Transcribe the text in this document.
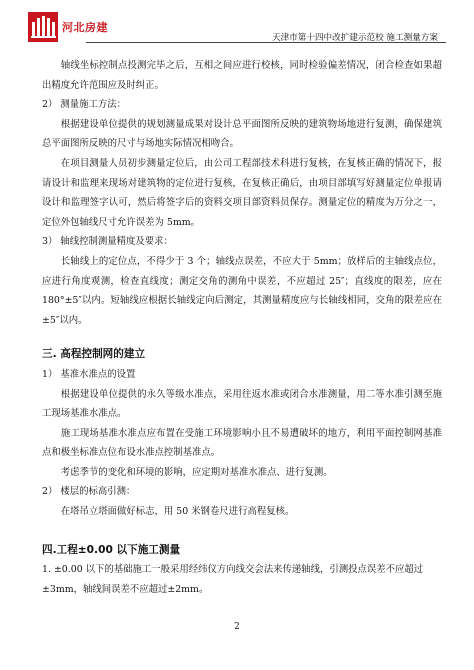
河北房建
天津市第十四中改扩建示范校 施工测量方案

轴线坐标控制点投测完毕之后，互相之间应进行校核，同时检验偏差情况，闭合检查如果超出精度允许范围应及时纠正。

2） 测量施工方法：

根据建设单位提供的规划测量成果对设计总平面图所反映的建筑物场地进行复测，确保建筑总平面图所反映的尺寸与场地实际情况相吻合。

在项目测量人员初步测量定位后，由公司工程部技术科进行复核，在复核正确的情况下，报请设计和监理来现场对建筑物的定位进行复核，在复核正确后，由项目部填写好测量定位单报请设计和监理签字认可，然后将签字后的资料交项目部资料员保存。测量定位的精度为万分之一，定位外包轴线尺寸允许误差为 5mm。

3） 轴线控制测量精度及要求：

长轴线上的定位点，不得少于 3 个；轴线点误差，不应大于 5mm；放样后的主轴线点位，应进行角度观测，检查直线度；测定交角的测角中误差，不应超过 25″；直线度的限差，应在 180°±5″以内。短轴线应根据长轴线定向后测定，其测量精度应与长轴线相同，交角的限差应在 ±5″以内。

三. 高程控制网的建立

1） 基准水准点的设置

根据建设单位提供的永久等级水准点，采用往返水准或闭合水准测量，用二等水准引测至施工现场基准水准点。

施工现场基准水准点应布置在受施工环境影响小且不易遭破坏的地方，利用平面控制网基准点和极坐标准点位布设水准点控制基准点。

考虑季节的变化和环境的影响，应定期对基准水准点、进行复测。

2） 楼层的标高引测：

在塔吊立塔面做好标志，用 50 米钢卷尺进行高程复核。

四.工程±0.00 以下施工测量

1. ±0.00 以下的基础施工一般采用经纬仪方向线交会法来传递轴线，引测投点误差不应超过±3mm，轴线间误差不应超过±2mm。

2
